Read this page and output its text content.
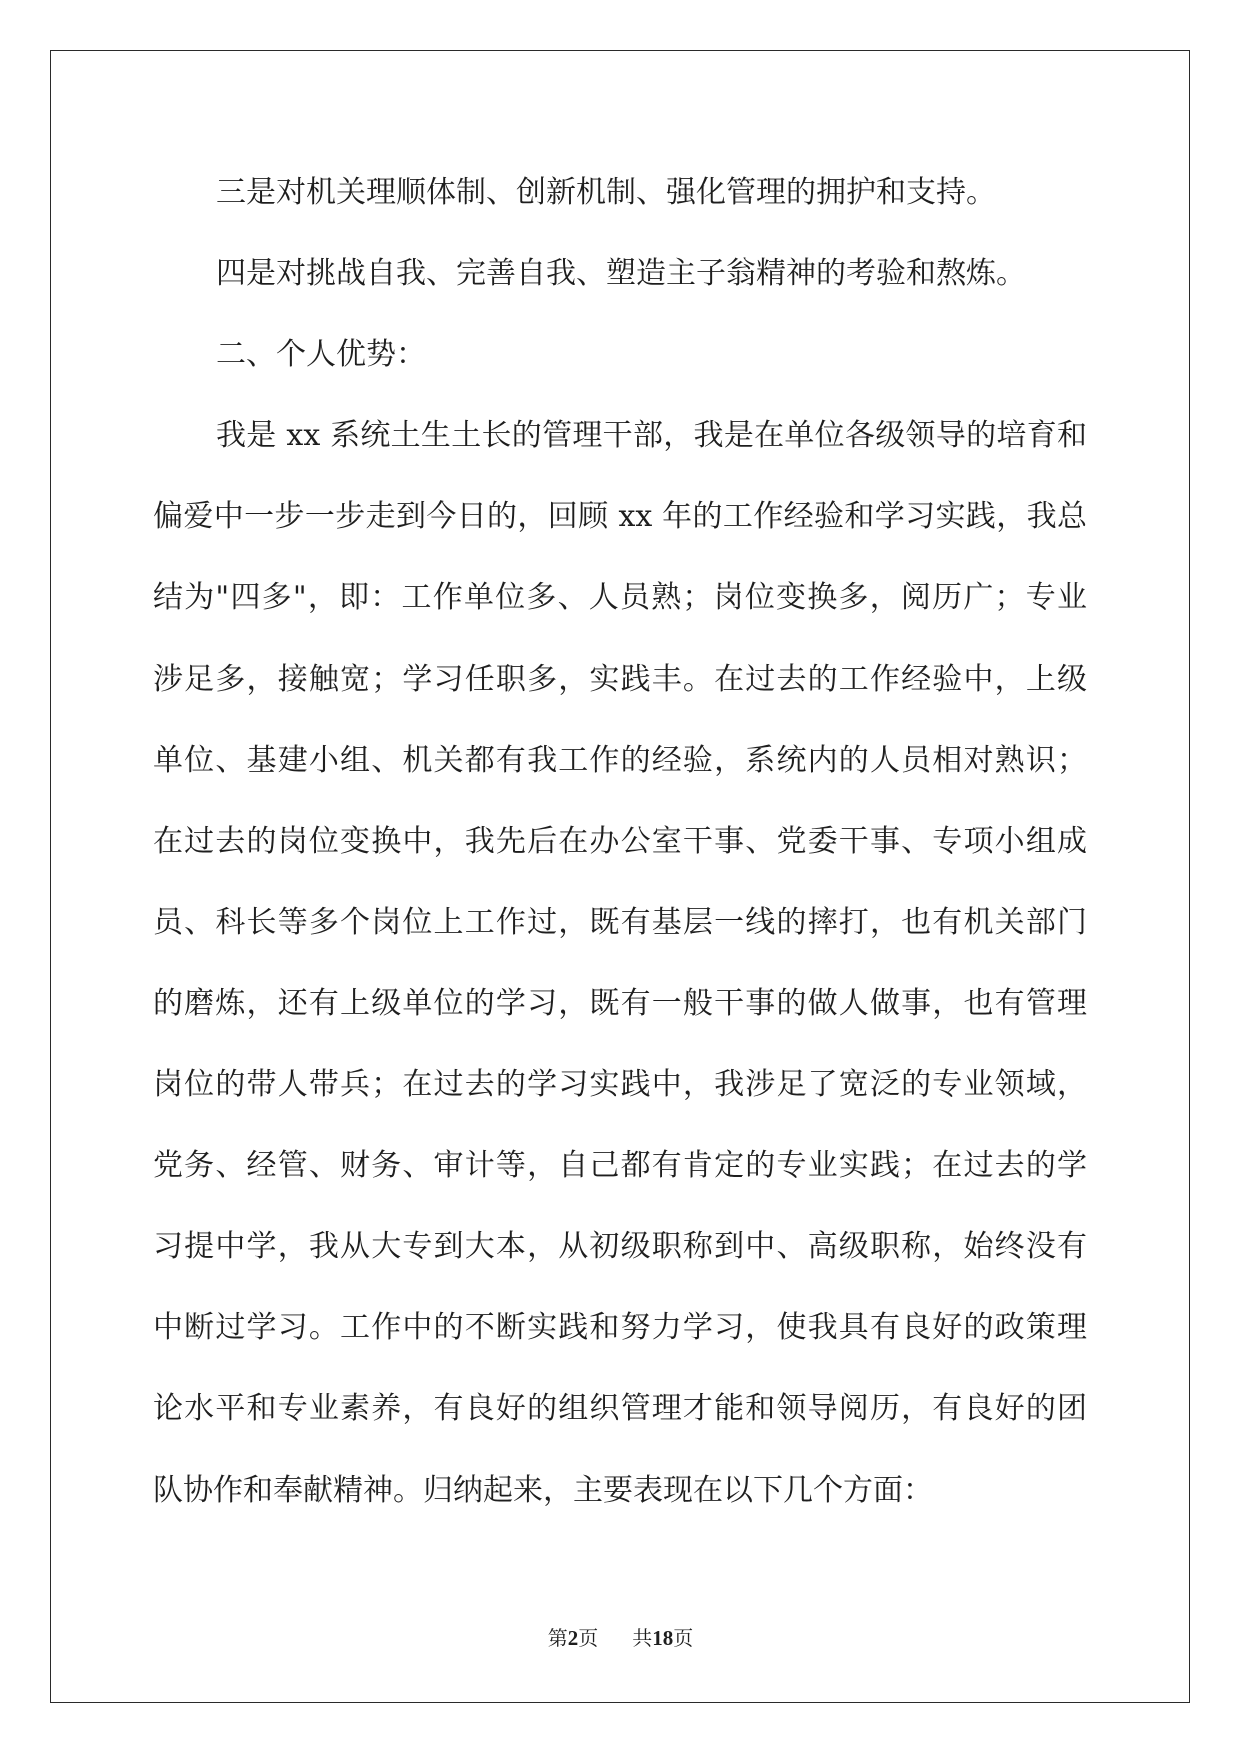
三是对机关理顺体制、创新机制、强化管理的拥护和支持。
四是对挑战自我、完善自我、塑造主子翁精神的考验和熬炼。
二、个人优势：
我是 xx 系统土生土长的管理干部，我是在单位各级领导的培育和
偏爱中一步一步走到今日的，回顾 xx 年的工作经验和学习实践，我总
结为"四多"，即：工作单位多、人员熟；岗位变换多，阅历广；专业
涉足多，接触宽；学习任职多，实践丰。在过去的工作经验中，上级
单位、基建小组、机关都有我工作的经验，系统内的人员相对熟识；
在过去的岗位变换中，我先后在办公室干事、党委干事、专项小组成
员、科长等多个岗位上工作过，既有基层一线的摔打，也有机关部门
的磨炼，还有上级单位的学习，既有一般干事的做人做事，也有管理
岗位的带人带兵；在过去的学习实践中，我涉足了宽泛的专业领域，
党务、经管、财务、审计等，自己都有肯定的专业实践；在过去的学
习提中学，我从大专到大本，从初级职称到中、高级职称，始终没有
中断过学习。工作中的不断实践和努力学习，使我具有良好的政策理
论水平和专业素养，有良好的组织管理才能和领导阅历，有良好的团
队协作和奉献精神。归纳起来，主要表现在以下几个方面：
第2页 共18页
